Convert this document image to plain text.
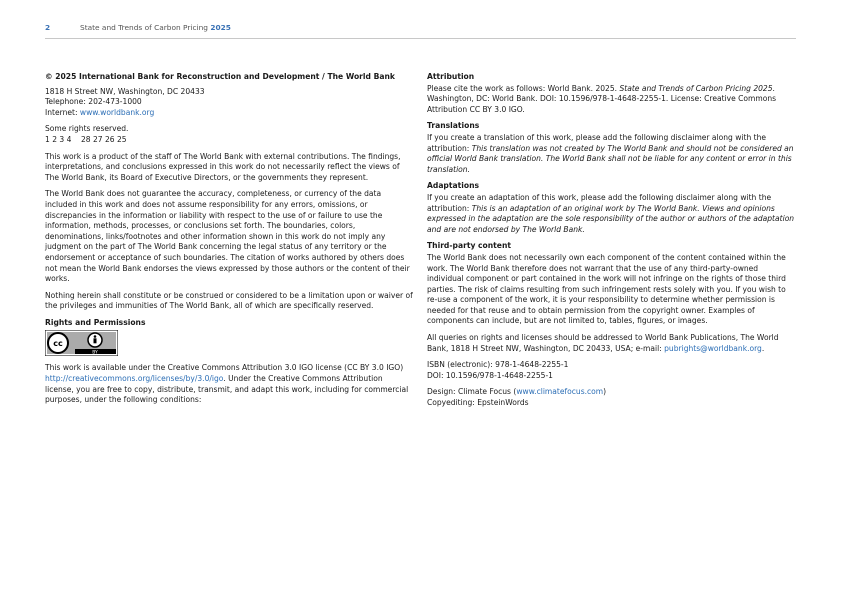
2	State and Trends of Carbon Pricing 2025

© 2025 International Bank for Reconstruction and Development / The World Bank

1818 H Street NW, Washington, DC 20433
Telephone: 202-473-1000
Internet: www.worldbank.org

Some rights reserved.
1 2 3 4    28 27 26 25

This work is a product of the staff of The World Bank with external contributions. The findings, interpretations, and conclusions expressed in this work do not necessarily reflect the views of The World Bank, its Board of Executive Directors, or the governments they represent.

The World Bank does not guarantee the accuracy, completeness, or currency of the data included in this work and does not assume responsibility for any errors, omissions, or discrepancies in the information or liability with respect to the use of or failure to use the information, methods, processes, or conclusions set forth. The boundaries, colors, denominations, links/footnotes and other information shown in this work do not imply any judgment on the part of The World Bank concerning the legal status of any territory or the endorsement or acceptance of such boundaries. The citation of works authored by others does not mean the World Bank endorses the views expressed by those authors or the content of their works.

Nothing herein shall constitute or be construed or considered to be a limitation upon or waiver of the privileges and immunities of The World Bank, all of which are specifically reserved.

Rights and Permissions

cc
BY

This work is available under the Creative Commons Attribution 3.0 IGO license (CC BY 3.0 IGO) http://creativecommons.org/licenses/by/3.0/igo. Under the Creative Commons Attribution license, you are free to copy, distribute, transmit, and adapt this work, including for commercial purposes, under the following conditions:

Attribution

Please cite the work as follows: World Bank. 2025. State and Trends of Carbon Pricing 2025. Washington, DC: World Bank. DOI: 10.1596/978-1-4648-2255-1. License: Creative Commons Attribution CC BY 3.0 IGO.

Translations

If you create a translation of this work, please add the following disclaimer along with the attribution: This translation was not created by The World Bank and should not be considered an official World Bank translation. The World Bank shall not be liable for any content or error in this translation.

Adaptations

If you create an adaptation of this work, please add the following disclaimer along with the attribution: This is an adaptation of an original work by The World Bank. Views and opinions expressed in the adaptation are the sole responsibility of the author or authors of the adaptation and are not endorsed by The World Bank.

Third-party content

The World Bank does not necessarily own each component of the content contained within the work. The World Bank therefore does not warrant that the use of any third-party-owned individual component or part contained in the work will not infringe on the rights of those third parties. The risk of claims resulting from such infringement rests solely with you. If you wish to re-use a component of the work, it is your responsibility to determine whether permission is needed for that reuse and to obtain permission from the copyright owner. Examples of components can include, but are not limited to, tables, figures, or images.

All queries on rights and licenses should be addressed to World Bank Publications, The World Bank, 1818 H Street NW, Washington, DC 20433, USA; e-mail: pubrights@worldbank.org.

ISBN (electronic): 978-1-4648-2255-1
DOI: 10.1596/978-1-4648-2255-1

Design: Climate Focus (www.climatefocus.com)
Copyediting: EpsteinWords
